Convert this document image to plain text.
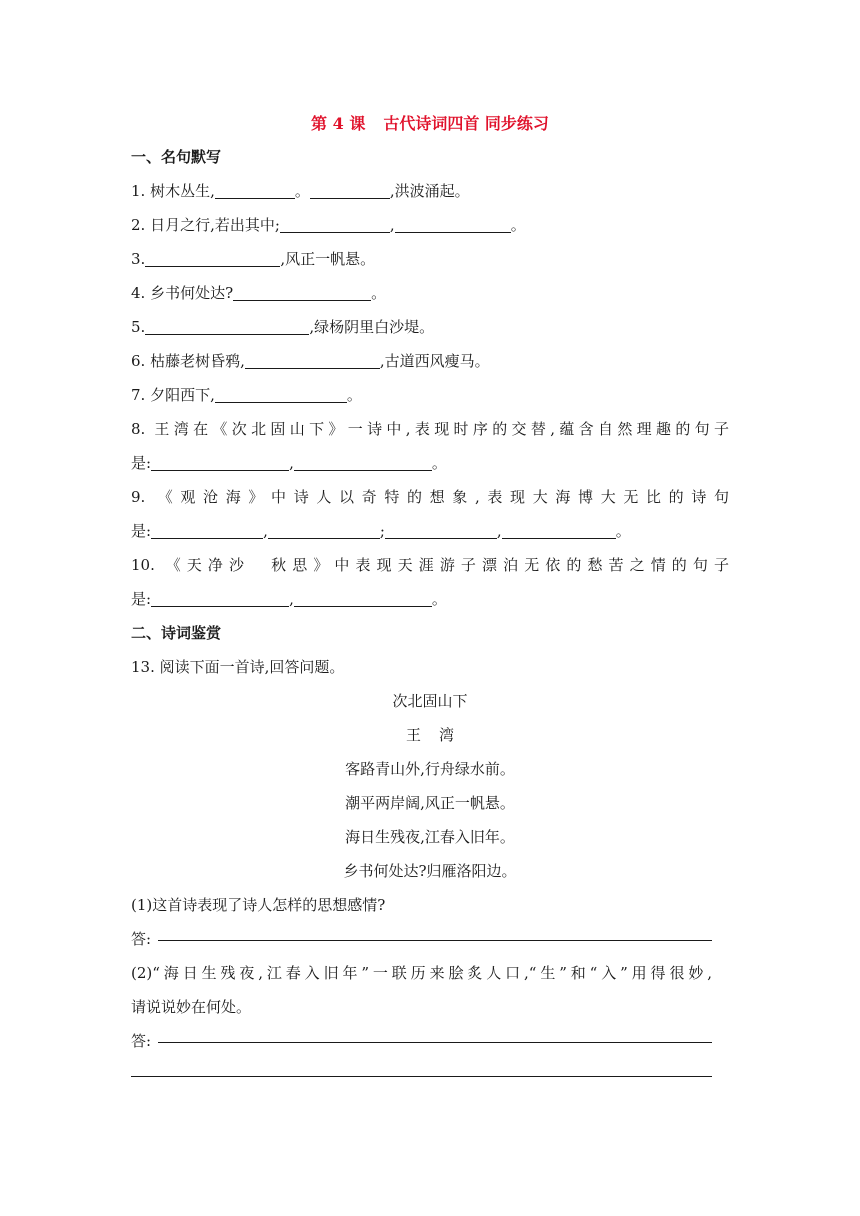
第 4 课 古代诗词四首 同步练习
一、名句默写
1. 树木丛生,	。	,洪波涌起。
2. 日月之行,若出其中;	,	。
3.	,风正一帆悬。
4. 乡书何处达?	。
5.	,绿杨阴里白沙堤。
6. 枯藤老树昏鸦,	,古道西风瘦马。
7. 夕阳西下,	。
8. 王湾在《次北固山下》一诗中,表现时序的交替,蕴含自然理趣的句子
是:	,	。
9. 《观沧海》中诗人以奇特的想象,表现大海博大无比的诗句
是:	,	;	,	。
10. 《天净沙　秋思》中表现天涯游子漂泊无依的愁苦之情的句子
是:	,	。
二、诗词鉴赏
13. 阅读下面一首诗,回答问题。
次北固山下
王 湾
客路青山外,行舟绿水前。
潮平两岸阔,风正一帆悬。
海日生残夜,江春入旧年。
乡书何处达?归雁洛阳边。
(1)这首诗表现了诗人怎样的思想感情?
答:
(2)“海日生残夜,江春入旧年”一联历来脍炙人口,“生”和“入”用得很妙,
请说说妙在何处。
答:
